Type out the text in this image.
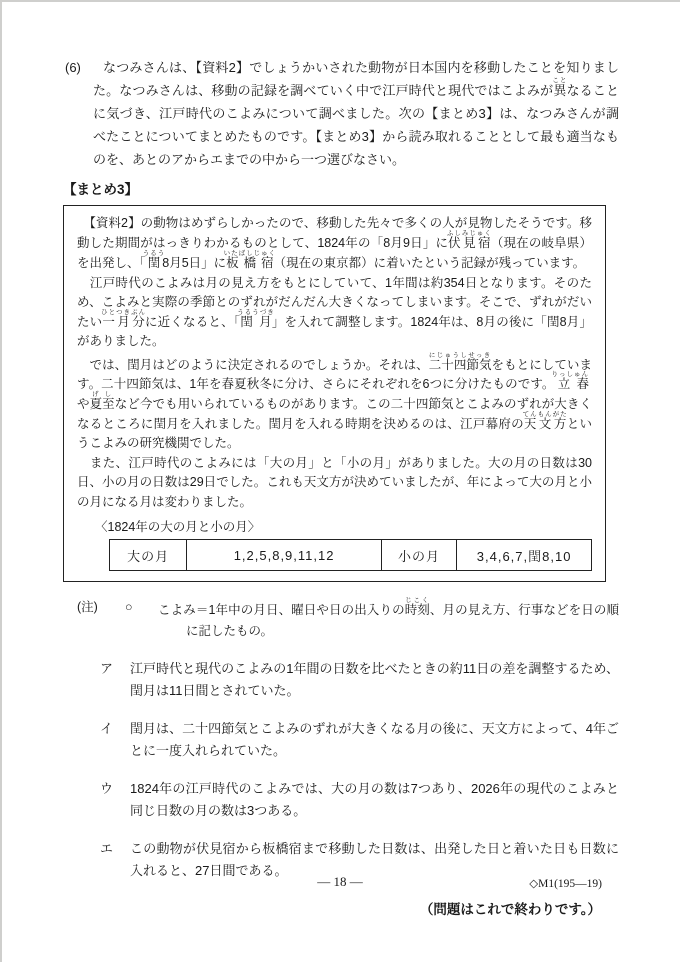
(6)	なつみさんは、【資料2】でしょうかいされた動物が日本国内を移動したことを知りました。なつみさんは、移動の記録を調べていく中で江戸時代と現代ではこよみが異ことなることに気づき、江戸時代のこよみについて調べました。次の【まとめ3】は、なつみさんが調べたことについてまとめたものです。【まとめ3】から読み取れることとして最も適当なものを、あとのアからエまでの中から一つ選びなさい。
【まとめ3】

　【資料2】の動物はめずらしかったので、移動した先々で多くの人が見物したそうです。移動した期間がはっきりわかるものとして、1824年の「8月9日」に伏見宿ふしみじゅく（現在の岐阜県）を出発し、「閏うるう8月5日」に板橋宿いたばしじゅく（現在の東京都）に着いたという記録が残っています。

　江戸時代のこよみは月の見え方をもとにしていて、1年間は約354日となります。そのため、こよみと実際の季節とのずれがだんだん大きくなってしまいます。そこで、ずれがだいたい一月分ひとつきぶんに近くなると、「閏月うるうづき」を入れて調整します。1824年は、8月の後に「閏8月」がありました。

　では、閏月はどのように決定されるのでしょうか。それは、二十四節気にじゅうしせっきをもとにしています。二十四節気は、1年を春夏秋冬に分け、さらにそれぞれを6つに分けたものです。立春りっしゅんや夏至げしなど今でも用いられているものがあります。この二十四節気とこよみのずれが大きくなるところに閏月を入れました。閏月を入れる時期を決めるのは、江戸幕府の天文方てんもんがたというこよみの研究機関でした。

　また、江戸時代のこよみには「大の月」と「小の月」がありました。大の月の日数は30日、小の月の日数は29日でした。これも天文方が決めていましたが、年によって大の月と小の月になる月は変わりました。

〈1824年の大の月と小の月〉
大の月	1,2,5,8,9,11,12	小の月	3,4,6,7,閏8,10
(注) ○ こよみ＝1年中の月日、曜日や日の出入りの時刻じこく、月の見え方、行事などを日の順に記したもの。
ア 江戸時代と現代のこよみの1年間の日数を比べたときの約11日の差を調整するため、閏月は11日間とされていた。
イ 閏月は、二十四節気とこよみのずれが大きくなる月の後に、天文方によって、4年ごとに一度入れられていた。
ウ 1824年の江戸時代のこよみでは、大の月の数は7つあり、2026年の現代のこよみと同じ日数の月の数は3つある。
エ この動物が伏見宿から板橋宿まで移動した日数は、出発した日と着いた日も日数に入れると、27日間である。
（問題はこれで終わりです。）
— 18 —	◇M1(195—19)
